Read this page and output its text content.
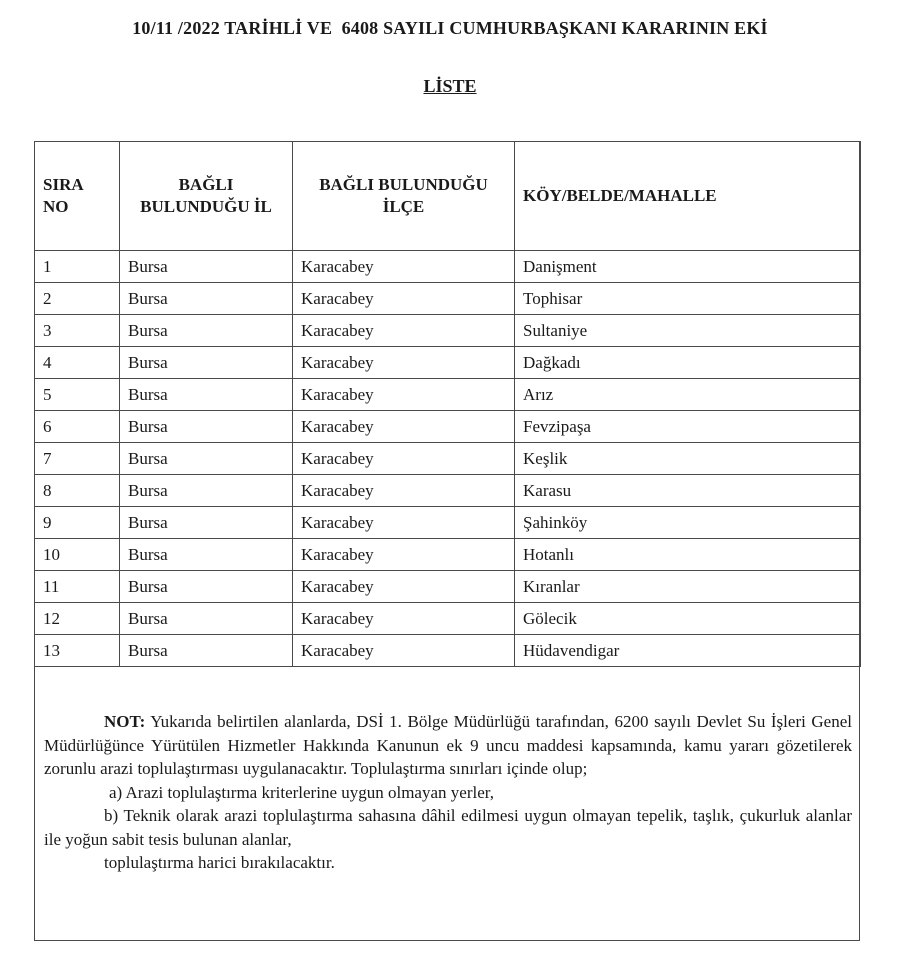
10/11 /2022 TARİHLİ VE  6408 SAYILI CUMHURBAŞKANI KARARININ EKİ
LİSTE
SIRA NO	BAĞLI BULUNDUĞU İL	BAĞLI BULUNDUĞU İLÇE	KÖY/BELDE/MAHALLE
1	Bursa	Karacabey	Danişment
2	Bursa	Karacabey	Tophisar
3	Bursa	Karacabey	Sultaniye
4	Bursa	Karacabey	Dağkadı
5	Bursa	Karacabey	Arız
6	Bursa	Karacabey	Fevzipaşa
7	Bursa	Karacabey	Keşlik
8	Bursa	Karacabey	Karasu
9	Bursa	Karacabey	Şahinköy
10	Bursa	Karacabey	Hotanlı
11	Bursa	Karacabey	Kıranlar
12	Bursa	Karacabey	Gölecik
13	Bursa	Karacabey	Hüdavendigar

NOT: Yukarıda belirtilen alanlarda, DSİ 1. Bölge Müdürlüğü tarafından, 6200 sayılı Devlet Su İşleri Genel Müdürlüğünce Yürütülen Hizmetler Hakkında Kanunun ek 9 uncu maddesi kapsamında, kamu yararı gözetilerek zorunlu arazi toplulaştırması uygulanacaktır. Toplulaştırma sınırları içinde olup;

a) Arazi toplulaştırma kriterlerine uygun olmayan yerler,

b) Teknik olarak arazi toplulaştırma sahasına dâhil edilmesi uygun olmayan tepelik, taşlık, çukurluk alanlar ile yoğun sabit tesis bulunan alanlar,

toplulaştırma harici bırakılacaktır.
